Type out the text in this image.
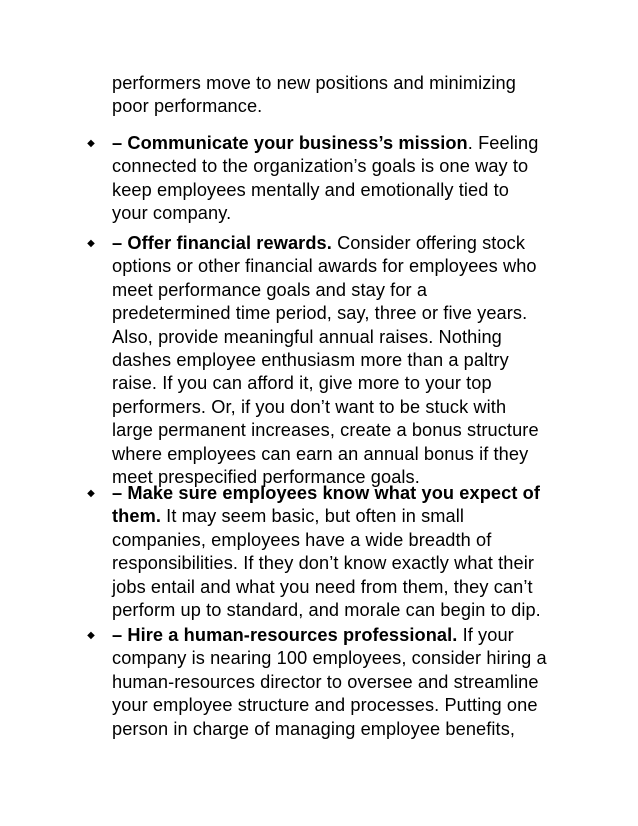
performers move to new positions and minimizing
poor performance.
◆ – Communicate your business’s mission. Feeling
connected to the organization’s goals is one way to
keep employees mentally and emotionally tied to
your company.
◆ – Offer financial rewards. Consider offering stock
options or other financial awards for employees who
meet performance goals and stay for a
predetermined time period, say, three or five years.
Also, provide meaningful annual raises. Nothing
dashes employee enthusiasm more than a paltry
raise. If you can afford it, give more to your top
performers. Or, if you don’t want to be stuck with
large permanent increases, create a bonus structure
where employees can earn an annual bonus if they
meet prespecified performance goals.
◆ – Make sure employees know what you expect of
them. It may seem basic, but often in small
companies, employees have a wide breadth of
responsibilities. If they don’t know exactly what their
jobs entail and what you need from them, they can’t
perform up to standard, and morale can begin to dip.
◆ – Hire a human-resources professional. If your
company is nearing 100 employees, consider hiring a
human-resources director to oversee and streamline
your employee structure and processes. Putting one
person in charge of managing employee benefits,
